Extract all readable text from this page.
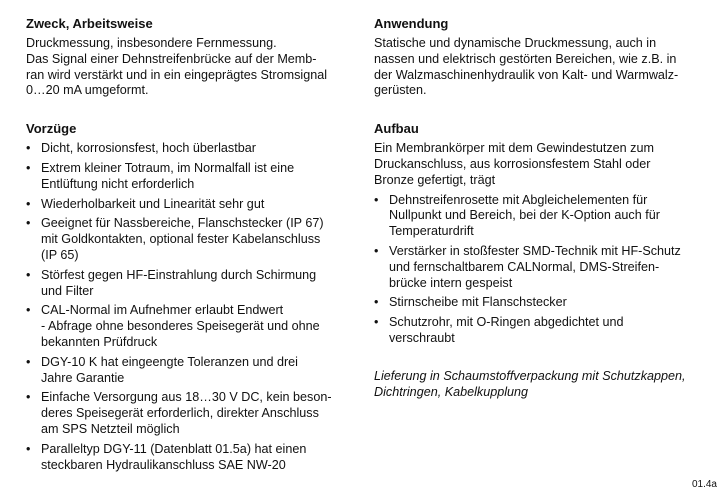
Zweck, Arbeitsweise

Druckmessung, insbesondere Fernmessung.
Das Signal einer Dehnstreifenbrücke auf der Memb-
ran wird verstärkt und in ein eingeprägtes Stromsignal
0…20 mA umgeformt.

Vorzüge
• Dicht, korrosionsfest, hoch überlastbar
• Extrem kleiner Totraum, im Normalfall ist eine
Entlüftung nicht erforderlich
• Wiederholbarkeit und Linearität sehr gut
• Geeignet für Nassbereiche, Flanschstecker (IP 67)
mit Goldkontakten, optional fester Kabelanschluss
(IP 65)
• Störfest gegen HF-Einstrahlung durch Schirmung
und Filter
• CAL-Normal im Aufnehmer erlaubt Endwert
- Abfrage ohne besonderes Speisegerät und ohne
bekannten Prüfdruck
• DGY-10 K hat eingeengte Toleranzen und drei
Jahre Garantie
• Einfache Versorgung aus 18…30 V DC, kein beson-
deres Speisegerät erforderlich, direkter Anschluss
am SPS Netzteil möglich
• Paralleltyp DGY-11 (Datenblatt 01.5a) hat einen
steckbaren Hydraulikanschluss SAE NW-20
Anwendung

Statische und dynamische Druckmessung, auch in
nassen und elektrisch gestörten Bereichen, wie z.B. in
der Walzmaschinenhydraulik von Kalt- und Warmwalz-
gerüsten.

Aufbau

Ein Membrankörper mit dem Gewindestutzen zum
Druckanschluss, aus korrosionsfestem Stahl oder
Bronze gefertigt, trägt

• Dehnstreifenrosette mit Abgleichelementen für
Nullpunkt und Bereich, bei der K-Option auch für
Temperaturdrift
• Verstärker in stoßfester SMD-Technik mit HF-Schutz
und fernschaltbarem CALNormal, DMS-Streifen-
brücke intern gespeist
• Stirnscheibe mit Flanschstecker
• Schutzrohr, mit O-Ringen abgedichtet und
verschraubt

Lieferung in Schaumstoffverpackung mit Schutzkappen,
Dichtringen, Kabelkupplung

01.4a
